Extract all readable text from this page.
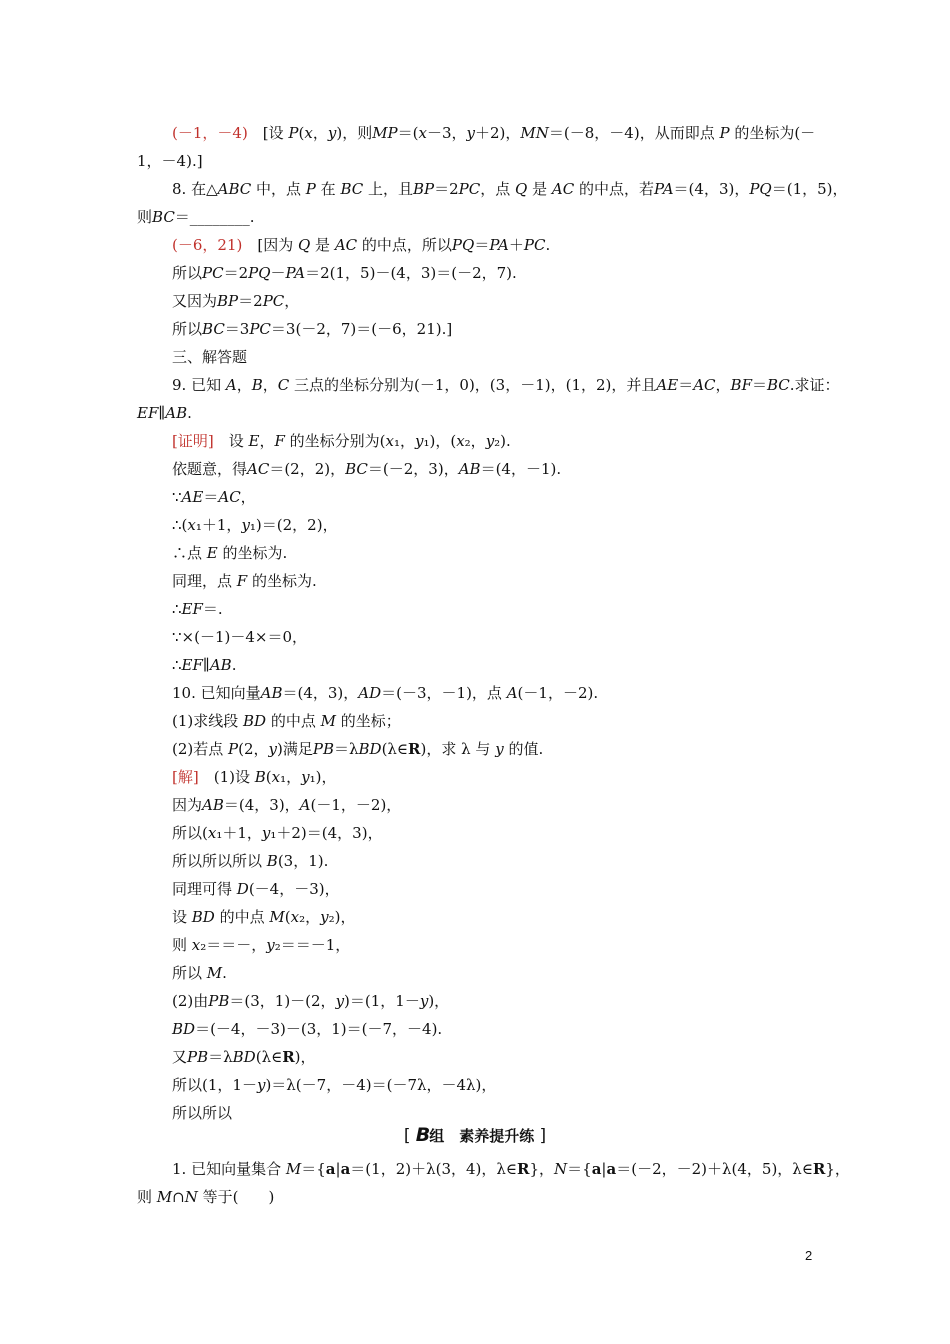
(－1，－4)　[设 P(x，y)，则MP＝(x－3，y＋2)，MN＝(－8，－4)，从而即点 P 的坐标为(－
1，－4).]
8. 在△ABC 中，点 P 在 BC 上，且BP＝2PC，点 Q 是 AC 的中点，若PA＝(4，3)，PQ＝(1，5)，
则BC＝________.
(－6，21)　[因为 Q 是 AC 的中点，所以PQ＝PA＋PC.
所以PC＝2PQ－PA＝2(1，5)－(4，3)＝(－2，7).
又因为BP＝2PC，
所以BC＝3PC＝3(－2，7)＝(－6，21).]
三、解答题
9. 已知 A，B，C 三点的坐标分别为(－1，0)，(3，－1)，(1，2)，并且AE＝AC，BF＝BC.求证：
EF∥AB.
[证明]　设 E，F 的坐标分别为(x₁，y₁)，(x₂，y₂).
依题意，得AC＝(2，2)，BC＝(－2，3)，AB＝(4，－1).
∵AE＝AC，
∴(x₁＋1，y₁)＝(2，2)，
∴点 E 的坐标为.
同理，点 F 的坐标为.
∴EF＝.
∵×(－1)－4×＝0，
∴EF∥AB.
10. 已知向量AB＝(4，3)，AD＝(－3，－1)，点 A(－1，－2).
(1)求线段 BD 的中点 M 的坐标；
(2)若点 P(2，y)满足PB＝λBD(λ∈R)，求 λ 与 y 的值.
[解]　(1)设 B(x₁，y₁)，
因为AB＝(4，3)，A(－1，－2)，
所以(x₁＋1，y₁＋2)＝(4，3)，
所以所以所以 B(3，1).
同理可得 D(－4，－3)，
设 BD 的中点 M(x₂，y₂)，
则 x₂＝＝－，y₂＝＝－1，
所以 M.
(2)由PB＝(3，1)－(2，y)＝(1，1－y)，
BD＝(－4，－3)－(3，1)＝(－7，－4).
又PB＝λBD(λ∈R)，
所以(1，1－y)＝λ(－7，－4)＝(－7λ，－4λ)，
所以所以
[ B组　素养提升练 ]
1. 已知向量集合 M＝{a|a＝(1，2)＋λ(3，4)，λ∈R}，N＝{a|a＝(－2，－2)＋λ(4，5)，λ∈R}，
则 M∩N 等于(　　)
2
